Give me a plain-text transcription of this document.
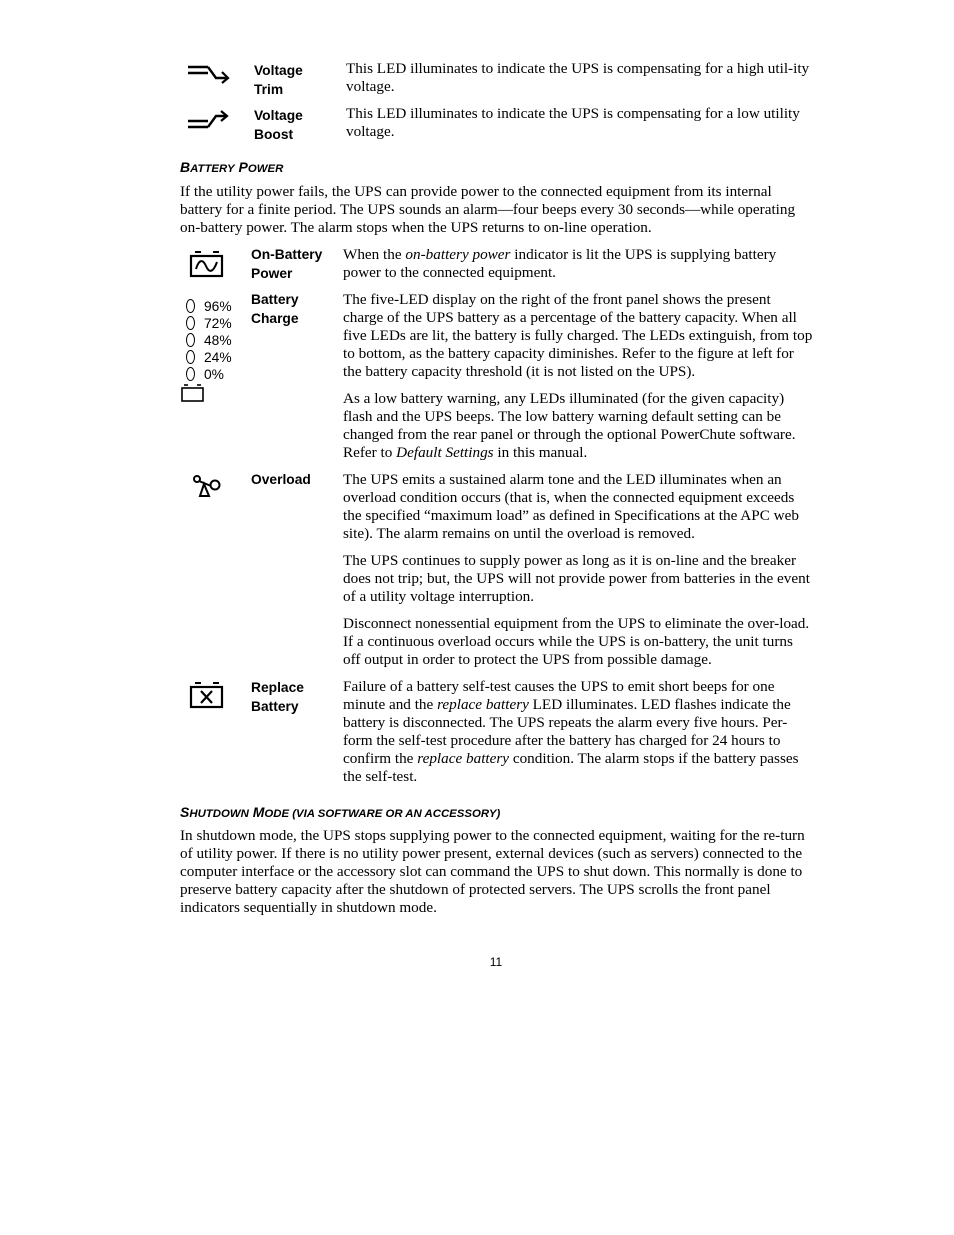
Voltage
Trim
This LED illuminates to indicate the UPS is compensating for a high util-ity voltage.
Voltage
Boost
This LED illuminates to indicate the UPS is compensating for a low utility voltage.
BATTERY POWER
If the utility power fails, the UPS can provide power to the connected equipment from its internal battery for a finite period. The UPS sounds an alarm—four beeps every 30 seconds—while operating on-battery power. The alarm stops when the UPS returns to on-line operation.
On-Battery
Power
When the on-battery power indicator is lit the UPS is supplying battery power to the connected equipment.
96%
72%
48%
24%
0%
Battery
Charge

The five-LED display on the right of the front panel shows the present charge of the UPS battery as a percentage of the battery capacity. When all five LEDs are lit, the battery is fully charged. The LEDs extinguish, from top to bottom, as the battery capacity diminishes. Refer to the figure at left for the battery capacity threshold (it is not listed on the UPS).

As a low battery warning, any LEDs illuminated (for the given capacity) flash and the UPS beeps. The low battery warning default setting can be changed from the rear panel or through the optional PowerChute software. Refer to Default Settings in this manual.

Overload The UPS emits a sustained alarm tone and the LED illuminates when an overload condition occurs (that is, when the connected equipment exceeds the specified “maximum load” as defined in Specifications at the APC web site). The alarm remains on until the overload is removed.

The UPS continues to supply power as long as it is on-line and the breaker does not trip; but, the UPS will not provide power from batteries in the event of a utility voltage interruption.

Disconnect nonessential equipment from the UPS to eliminate the over-load. If a continuous overload occurs while the UPS is on-battery, the unit turns off output in order to protect the UPS from possible damage.

Replace
Battery
Failure of a battery self-test causes the UPS to emit short beeps for one minute and the replace battery LED illuminates. LED flashes indicate the battery is disconnected. The UPS repeats the alarm every five hours. Per-form the self-test procedure after the battery has charged for 24 hours to confirm the replace battery condition. The alarm stops if the battery passes the self-test.
SHUTDOWN MODE (VIA SOFTWARE OR AN ACCESSORY)
In shutdown mode, the UPS stops supplying power to the connected equipment, waiting for the re-turn of utility power. If there is no utility power present, external devices (such as servers) connected to the computer interface or the accessory slot can command the UPS to shut down. This normally is done to preserve battery capacity after the shutdown of protected servers. The UPS scrolls the front panel indicators sequentially in shutdown mode.
11
